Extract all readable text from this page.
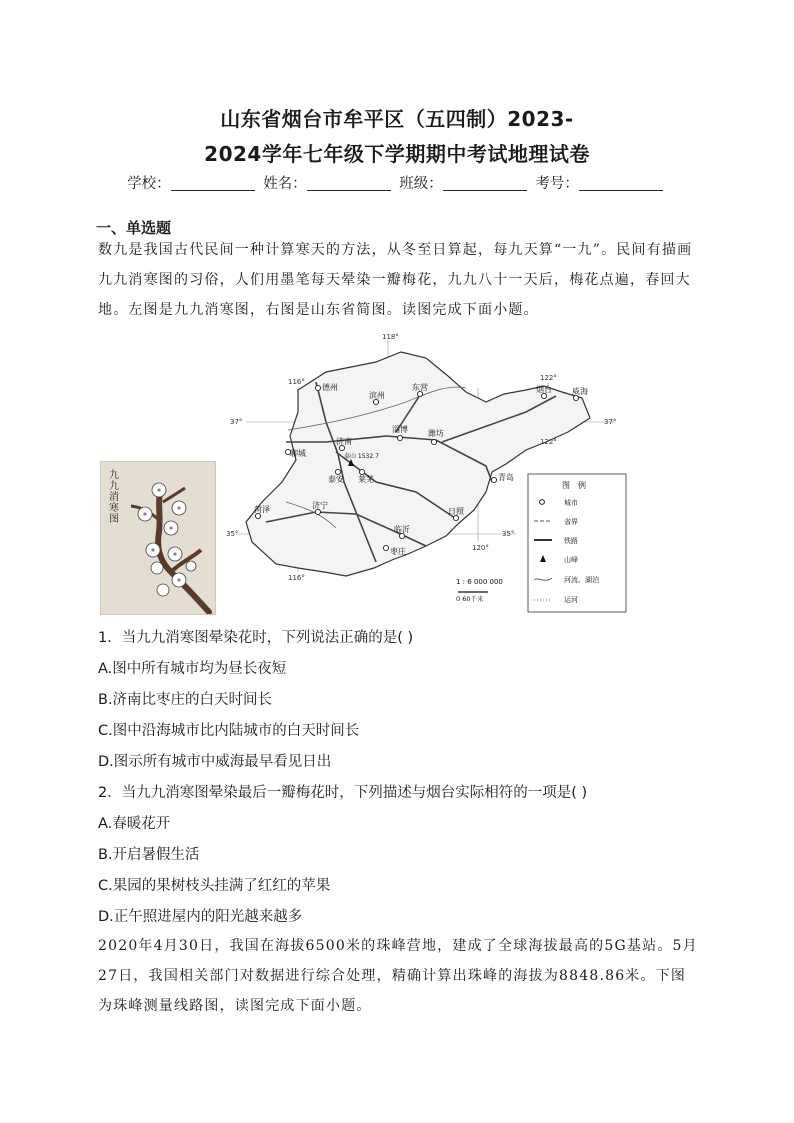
山东省烟台市牟平区（五四制）2023-
2024学年七年级下学期期中考试地理试卷
学校：	姓名：	班级：	考号：
一、单选题
数九是我国古代民间一种计算寒天的方法，从冬至日算起，每九天算“一九”。民间有描画九九消寒图的习俗，人们用墨笔每天晕染一瓣梅花，九九八十一天后，梅花点遍，春回大地。左图是九九消寒图，右图是山东省简图。读图完成下面小题。
九九消寒图
德州
滨州
东营
淄博	潍坊
济南
聊城
泰安 莱芜
菏泽	济宁
临沂
日照
枣庄
青岛
烟台	威海
泰山 1532.7
118°
116°	122°
120°
116°
122°
37°	37°
35°	35°
1 : 6 000 000
0 60千米
图　例
城市
省界
铁路
山峰
河流、湖泊
运河
1．当九九消寒图晕染花时，下列说法正确的是( )
A.图中所有城市均为昼长夜短
B.济南比枣庄的白天时间长
C.图中沿海城市比内陆城市的白天时间长
D.图示所有城市中威海最早看见日出
2．当九九消寒图晕染最后一瓣梅花时，下列描述与烟台实际相符的一项是( )
A.春暖花开
B.开启暑假生活
C.果园的果树枝头挂满了红红的苹果
D.正午照进屋内的阳光越来越多
2020年4月30日，我国在海拔6500米的珠峰营地，建成了全球海拔最高的5G基站。5月27日，我国相关部门对数据进行综合处理，精确计算出珠峰的海拔为8848.86米。下图为珠峰测量线路图，读图完成下面小题。
